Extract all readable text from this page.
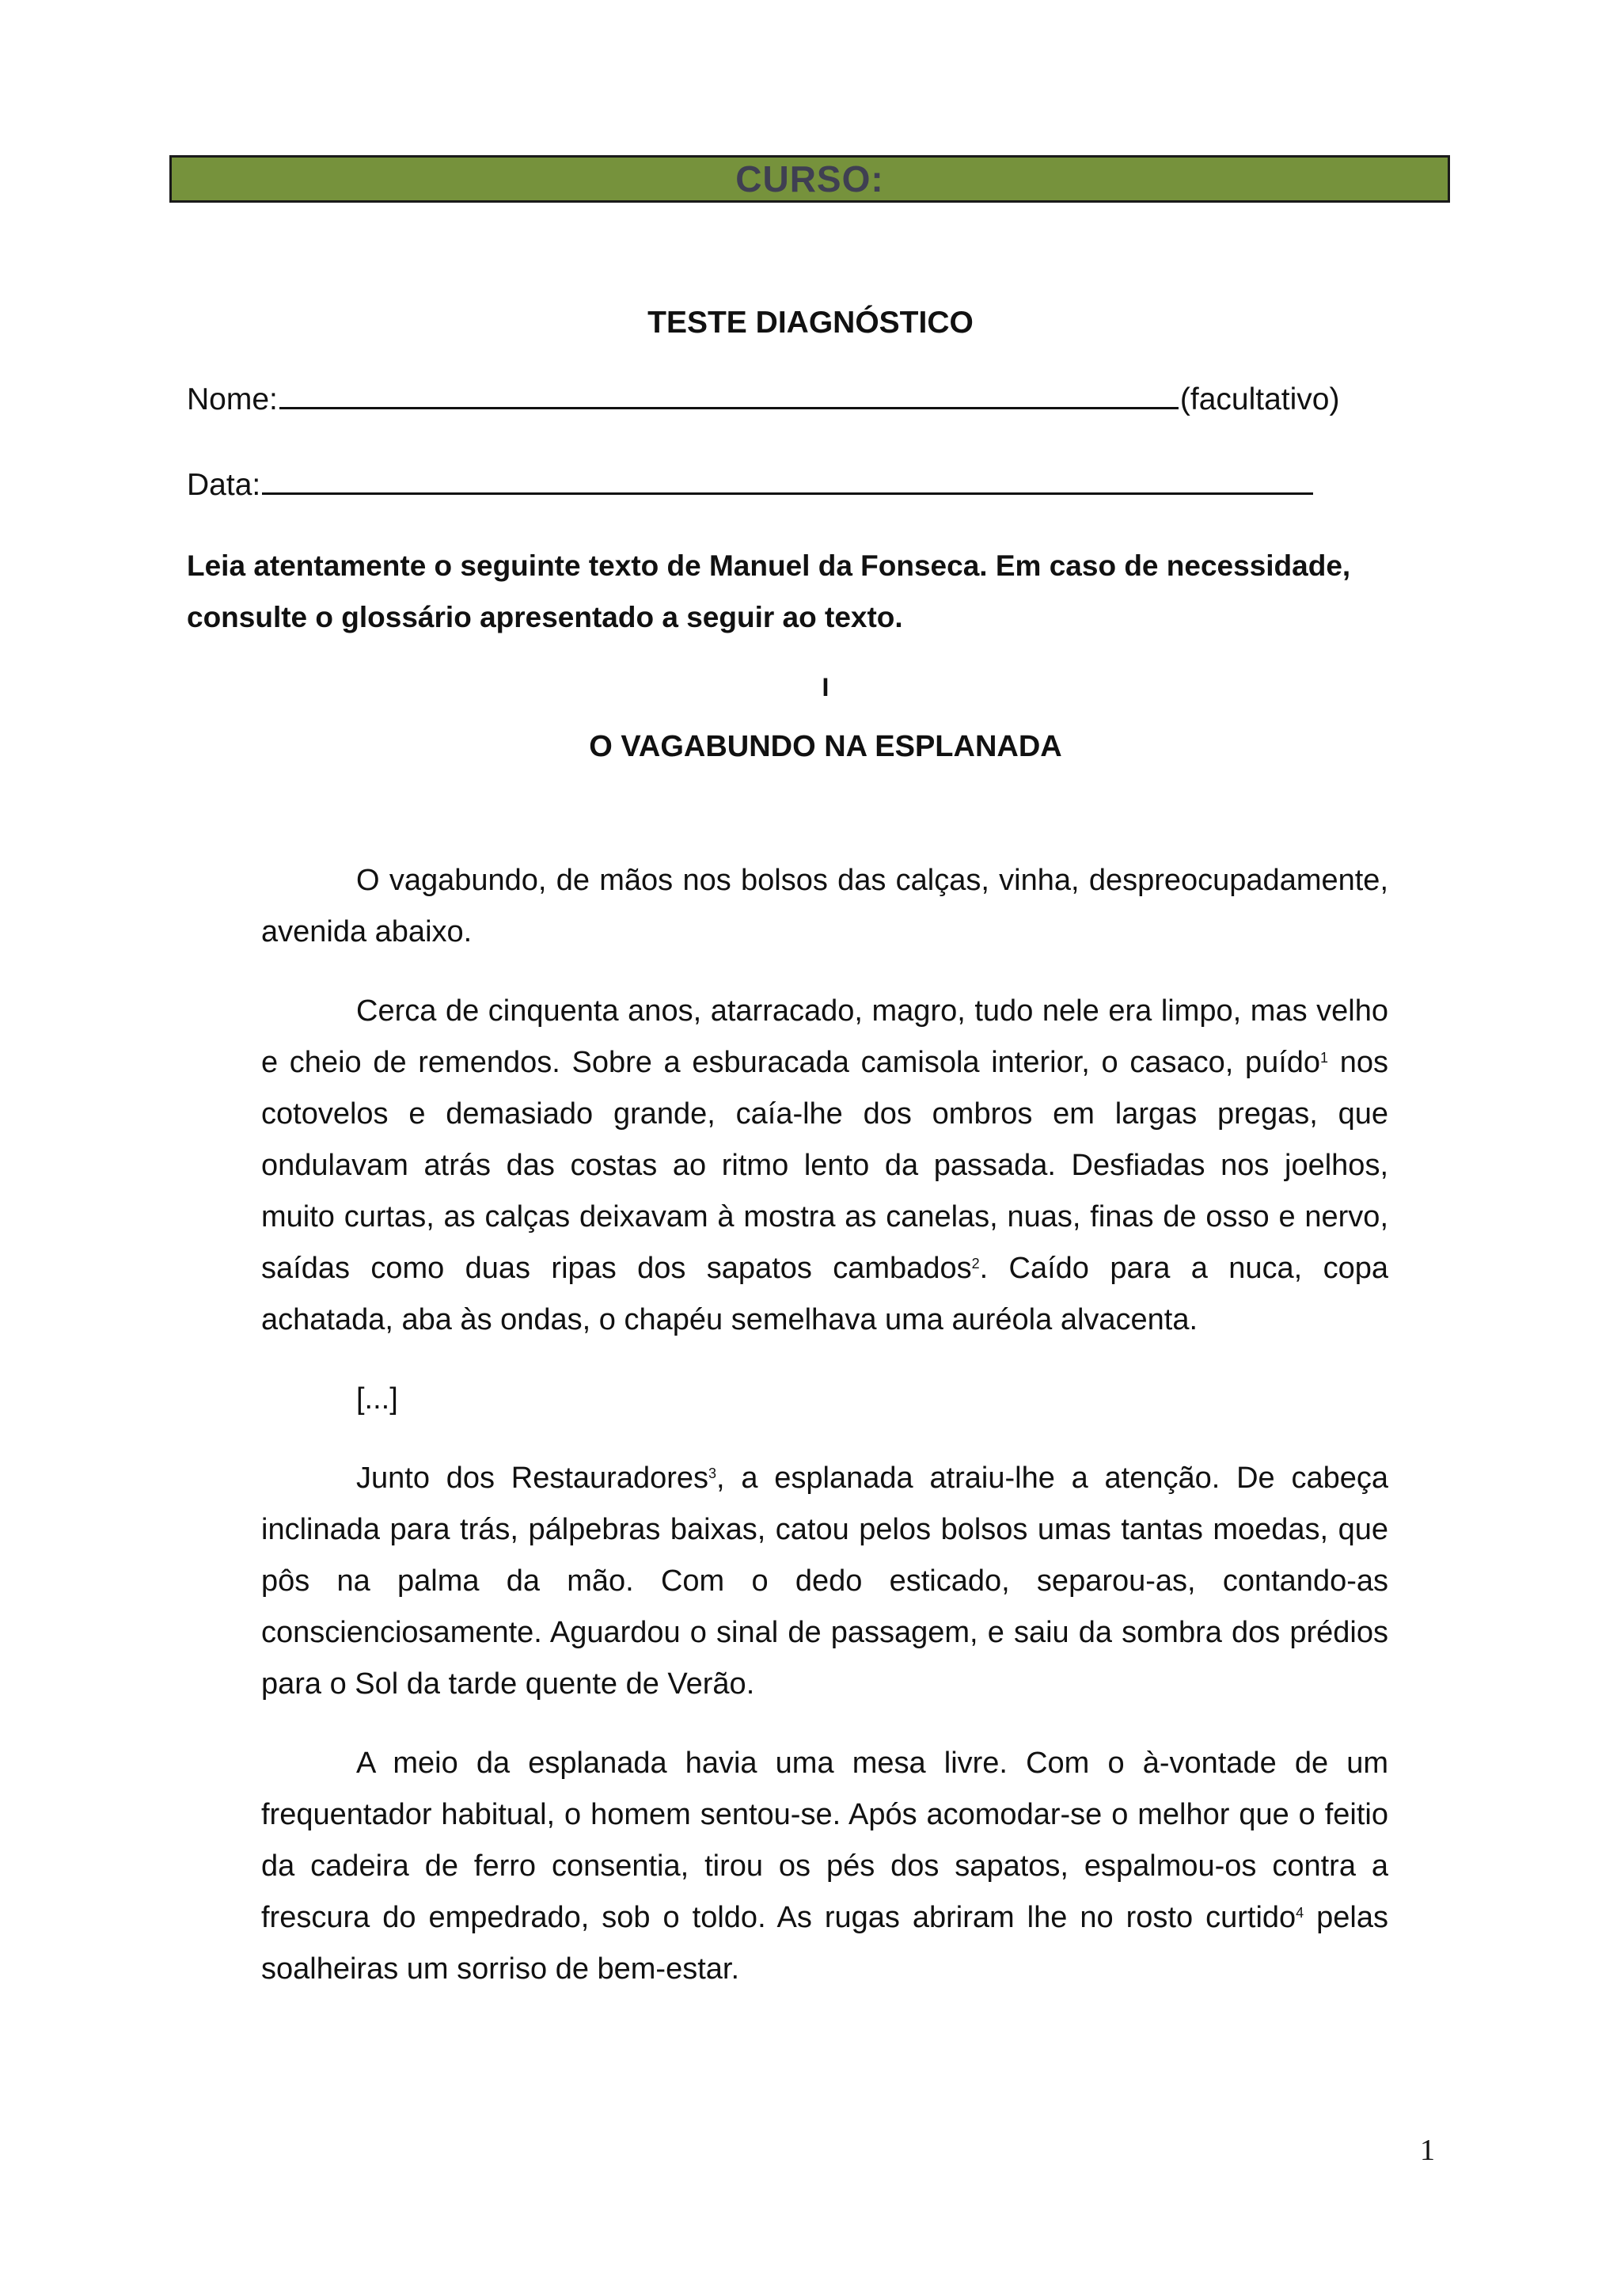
CURSO:
TESTE DIAGNÓSTICO
Nome:	(facultativo)
Data:
Leia atentamente o seguinte texto de Manuel da Fonseca. Em caso de necessidade, consulte o glossário apresentado a seguir ao texto.
I
O VAGABUNDO NA ESPLANADA

O vagabundo, de mãos nos bolsos das calças, vinha, despreocupadamente, avenida abaixo.

Cerca de cinquenta anos, atarracado, magro, tudo nele era limpo, mas velho e cheio de remendos. Sobre a esburacada camisola interior, o casaco, puído$^1$ nos cotovelos e demasiado grande, caía-lhe dos ombros em largas pregas, que ondulavam atrás das costas ao ritmo lento da passada. Desfiadas nos joelhos, muito curtas, as calças deixavam à mostra as canelas, nuas, finas de osso e nervo, saídas como duas ripas dos sapatos cambados$^2$. Caído para a nuca, copa achatada, aba às ondas, o chapéu semelhava uma auréola alvacenta.

[...]

Junto dos Restauradores$^3$, a esplanada atraiu-lhe a atenção. De cabeça inclinada para trás, pálpebras baixas, catou pelos bolsos umas tantas moedas, que pôs na palma da mão. Com o dedo esticado, separou-as, contando-as conscienciosamente. Aguardou o sinal de passagem, e saiu da sombra dos prédios para o Sol da tarde quente de Verão.

A meio da esplanada havia uma mesa livre. Com o à-vontade de um frequentador habitual, o homem sentou-se. Após acomodar-se o melhor que o feitio da cadeira de ferro consentia, tirou os pés dos sapatos, espalmou-os contra a frescura do empedrado, sob o toldo. As rugas abriram lhe no rosto curtido$^4$ pelas soalheiras um sorriso de bem-estar.

1
